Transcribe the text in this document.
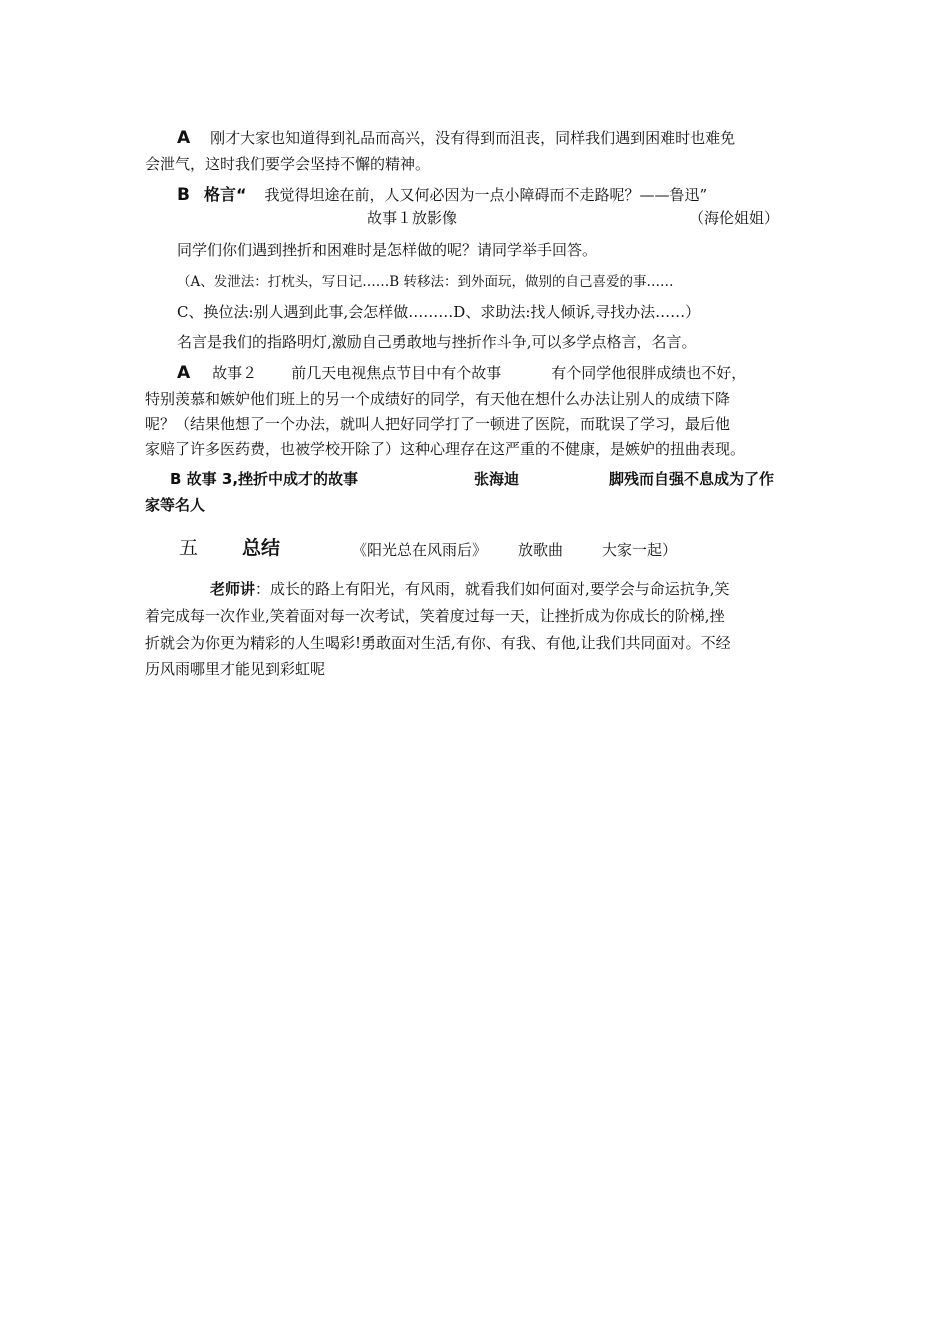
A 刚才大家也知道得到礼品而高兴，没有得到而沮丧，同样我们遇到困难时也难免
会泄气，这时我们要学会坚持不懈的精神。
B 格言“ 我觉得坦途在前，人又何必因为一点小障碍而不走路呢？——鲁迅”
故事１放影像	（海伦姐姐）
同学们你们遇到挫折和困难时是怎样做的呢？请同学举手回答。
（A、发泄法：打枕头，写日记……B 转移法：到外面玩，做别的自己喜爱的事……
C、换位法:别人遇到此事,会怎样做………D、求助法:找人倾诉,寻找办法……）
名言是我们的指路明灯,激励自己勇敢地与挫折作斗争,可以多学点格言，名言。
A 故事２ 前几天电视焦点节目中有个故事	有个同学他很胖成绩也不好，
特别羡慕和嫉妒他们班上的另一个成绩好的同学，有天他在想什么办法让别人的成绩下降
呢？（结果他想了一个办法，就叫人把好同学打了一顿进了医院，而耽误了学习，最后他
家赔了许多医药费，也被学校开除了）这种心理存在这严重的不健康，是嫉妒的扭曲表现。
B 故事 3,挫折中成才的故事	张海迪	脚残而自强不息成为了作
家等名人
五 总结	《阳光总在风雨后》 放歌曲	大家一起）
老师讲：成长的路上有阳光，有风雨，就看我们如何面对,要学会与命运抗争,笑
着完成每一次作业,笑着面对每一次考试，笑着度过每一天，让挫折成为你成长的阶梯,挫
折就会为你更为精彩的人生喝彩!勇敢面对生活,有你、有我、有他,让我们共同面对。不经
历风雨哪里才能见到彩虹呢
